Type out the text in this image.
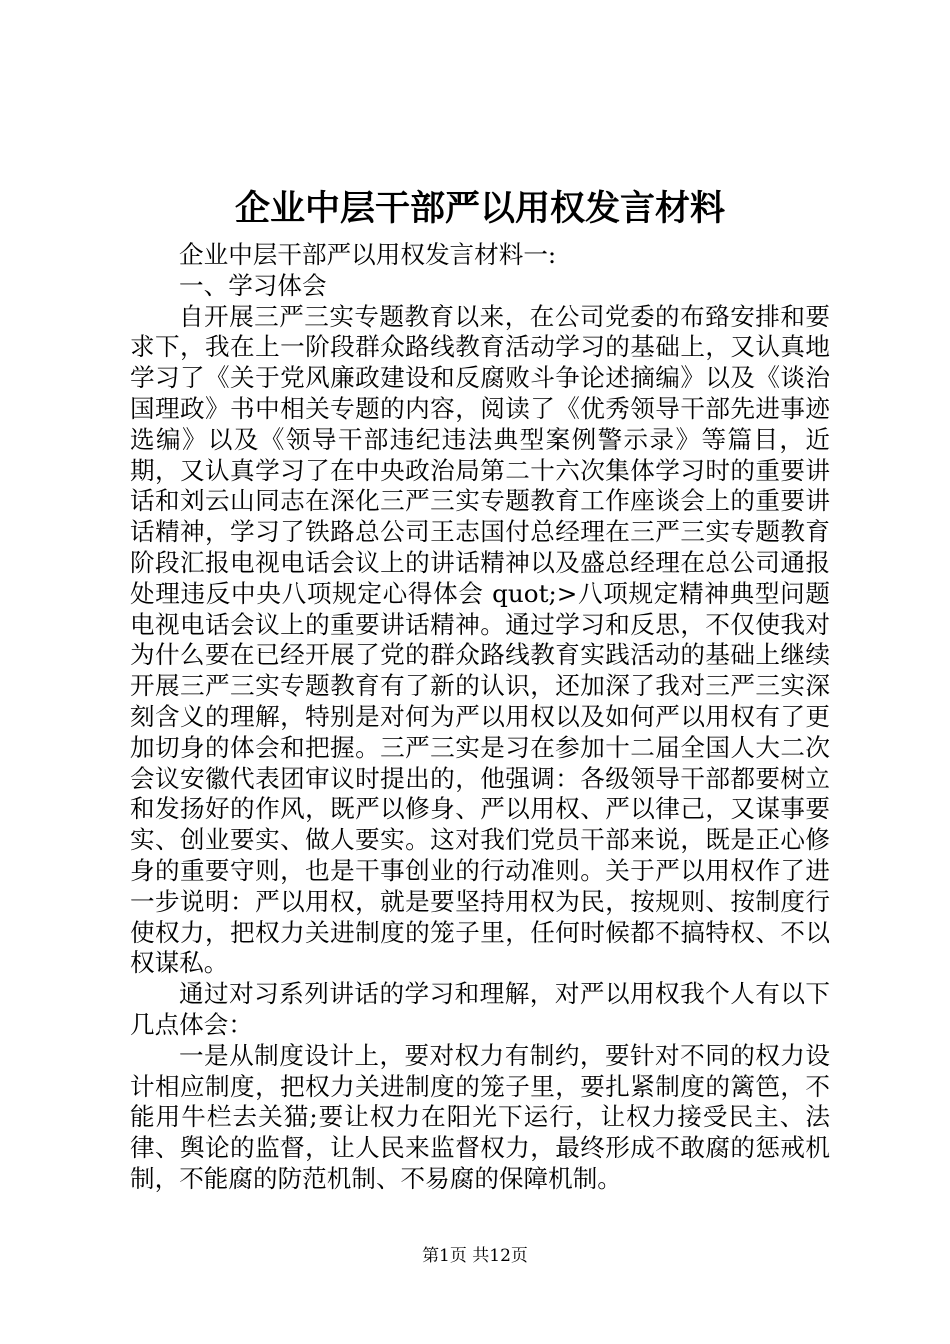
企业中层干部严以用权发言材料

企业中层干部严以用权发言材料一:

一、学习体会

自开展三严三实专题教育以来，在公司党委的布臵安排和要求下，我在上一阶段群众路线教育活动学习的基础上，又认真地学习了《关于党风廉政建设和反腐败斗争论述摘编》以及《谈治国理政》书中相关专题的内容，阅读了《优秀领导干部先进事迹选编》以及《领导干部违纪违法典型案例警示录》等篇目，近期，又认真学习了在中央政治局第二十六次集体学习时的重要讲话和刘云山同志在深化三严三实专题教育工作座谈会上的重要讲话精神，学习了铁路总公司王志国付总经理在三严三实专题教育阶段汇报电视电话会议上的讲话精神以及盛总经理在总公司通报处理违反中央八项规定心得体会 quot;>八项规定精神典型问题电视电话会议上的重要讲话精神。通过学习和反思，不仅使我对为什么要在已经开展了党的群众路线教育实践活动的基础上继续开展三严三实专题教育有了新的认识，还加深了我对三严三实深刻含义的理解，特别是对何为严以用权以及如何严以用权有了更加切身的体会和把握。三严三实是习在参加十二届全国人大二次会议安徽代表团审议时提出的，他强调：各级领导干部都要树立和发扬好的作风，既严以修身、严以用权、严以律己，又谋事要实、创业要实、做人要实。这对我们党员干部来说，既是正心修身的重要守则，也是干事创业的行动准则。关于严以用权作了进一步说明：严以用权，就是要坚持用权为民，按规则、按制度行使权力，把权力关进制度的笼子里，任何时候都不搞特权、不以权谋私。

通过对习系列讲话的学习和理解，对严以用权我个人有以下几点体会：

一是从制度设计上，要对权力有制约，要针对不同的权力设计相应制度，把权力关进制度的笼子里，要扎紧制度的篱笆，不能用牛栏去关猫;要让权力在阳光下运行，让权力接受民主、法律、舆论的监督，让人民来监督权力，最终形成不敢腐的惩戒机制，不能腐的防范机制、不易腐的保障机制。

第1页 共12页
